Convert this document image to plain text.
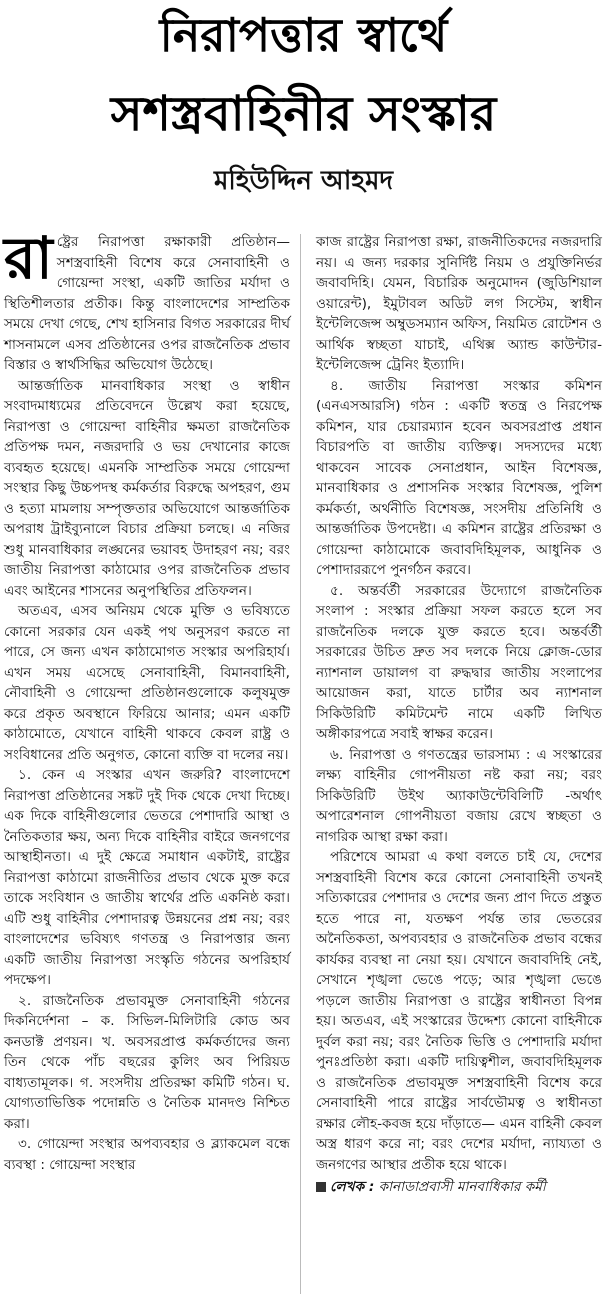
নিরাপত্তার স্বার্থে
সশস্ত্রবাহিনীর সংস্কার
মহিউদ্দিন আহমদ

রাষ্ট্রের নিরাপত্তা রক্ষাকারী প্রতিষ্ঠান—সশস্ত্রবাহিনী বিশেষ করে সেনাবাহিনী ও গোয়েন্দা সংস্থা, একটি জাতির মর্যাদা ও স্থিতিশীলতার প্রতীক। কিন্তু বাংলাদেশের সাম্প্রতিক সময়ে দেখা গেছে, শেখ হাসিনার বিগত সরকারের দীর্ঘ শাসনামলে এসব প্রতিষ্ঠানের ওপর রাজনৈতিক প্রভাব বিস্তার ও স্বার্থসিদ্ধির অভিযোগ উঠেছে।

আন্তর্জাতিক মানবাধিকার সংস্থা ও স্বাধীন সংবাদমাধ্যমের প্রতিবেদনে উল্লেখ করা হয়েছে, নিরাপত্তা ও গোয়েন্দা বাহিনীর ক্ষমতা রাজনৈতিক প্রতিপক্ষ দমন, নজরদারি ও ভয় দেখানোর কাজে ব্যবহৃত হয়েছে। এমনকি সাম্প্রতিক সময়ে গোয়েন্দা সংস্থার কিছু উচ্চপদস্থ কর্মকর্তার বিরুদ্ধে অপহরণ, গুম ও হত্যা মামলায় সম্পৃক্ততার অভিযোগে আন্তর্জাতিক অপরাধ ট্রাইব্যুনালে বিচার প্রক্রিয়া চলছে। এ নজির শুধু মানবাধিকার লঙ্ঘনের ভয়াবহ উদাহরণ নয়; বরং জাতীয় নিরাপত্তা কাঠামোর ওপর রাজনৈতিক প্রভাব এবং আইনের শাসনের অনুপস্থিতির প্রতিফলন।

অতএব, এসব অনিয়ম থেকে মুক্তি ও ভবিষ্যতে কোনো সরকার যেন একই পথ অনুসরণ করতে না পারে, সে জন্য এখন কাঠামোগত সংস্কার অপরিহার্য। এখন সময় এসেছে সেনাবাহিনী, বিমানবাহিনী, নৌবাহিনী ও গোয়েন্দা প্রতিষ্ঠানগুলোকে কলুষমুক্ত করে প্রকৃত অবস্থানে ফিরিয়ে আনার; এমন একটি কাঠামোতে, যেখানে বাহিনী থাকবে কেবল রাষ্ট্র ও সংবিধানের প্রতি অনুগত, কোনো ব্যক্তি বা দলের নয়।

১. কেন এ সংস্কার এখন জরুরি? বাংলাদেশে নিরাপত্তা প্রতিষ্ঠানের সঙ্কট দুই দিক থেকে দেখা দিচ্ছে। এক দিকে বাহিনীগুলোর ভেতরে পেশাদারি আস্থা ও নৈতিকতার ক্ষয়, অন্য দিকে বাহিনীর বাইরে জনগণের আস্থাহীনতা। এ দুই ক্ষেত্রে সমাধান একটাই, রাষ্ট্রের নিরাপত্তা কাঠামো রাজনীতির প্রভাব থেকে মুক্ত করে তাকে সংবিধান ও জাতীয় স্বার্থের প্রতি একনিষ্ঠ করা। এটি শুধু বাহিনীর পেশাদারত্ব উন্নয়নের প্রশ্ন নয়; বরং বাংলাদেশের ভবিষ্যৎ গণতন্ত্র ও নিরাপত্তার জন্য একটি জাতীয় নিরাপত্তা সংস্কৃতি গঠনের অপরিহার্য পদক্ষেপ।

২. রাজনৈতিক প্রভাবমুক্ত সেনাবাহিনী গঠনের দিকনির্দেশনা – ক. সিভিল-মিলিটারি কোড অব কনডাক্ট প্রণয়ন। খ. অবসরপ্রাপ্ত কর্মকর্তাদের জন্য তিন থেকে পাঁচ বছরের কুলিং অব পিরিয়ড বাধ্যতামূলক। গ. সংসদীয় প্রতিরক্ষা কমিটি গঠন। ঘ. যোগ্যতাভিত্তিক পদোন্নতি ও নৈতিক মানদণ্ড নিশ্চিত করা।

৩. গোয়েন্দা সংস্থার অপব্যবহার ও ব্ল্যাকমেল বন্ধে ব্যবস্থা : গোয়েন্দা সংস্থার

কাজ রাষ্ট্রের নিরাপত্তা রক্ষা, রাজনীতিকদের নজরদারি নয়। এ জন্য দরকার সুনির্দিষ্ট নিয়ম ও প্রযুক্তিনির্ভর জবাবদিহি। যেমন, বিচারিক অনুমোদন (জুডিশিয়াল ওয়ারেন্ট), ইমুটাবল অডিট লগ সিস্টেম, স্বাধীন ইন্টেলিজেন্স অম্বুডসম্যান অফিস, নিয়মিত রোটেশন ও আর্থিক স্বচ্ছতা যাচাই, এথিক্স অ্যান্ড কাউন্টার-ইন্টেলিজেন্স ট্রেনিং ইত্যাদি।

৪. জাতীয় নিরাপত্তা সংস্কার কমিশন (এনএসআরসি) গঠন : একটি স্বতন্ত্র ও নিরপেক্ষ কমিশন, যার চেয়ারম্যান হবেন অবসরপ্রাপ্ত প্রধান বিচারপতি বা জাতীয় ব্যক্তিত্ব। সদস্যদের মধ্যে থাকবেন সাবেক সেনাপ্রধান, আইন বিশেষজ্ঞ, মানবাধিকার ও প্রশাসনিক সংস্কার বিশেষজ্ঞ, পুলিশ কর্মকর্তা, অর্থনীতি বিশেষজ্ঞ, সংসদীয় প্রতিনিধি ও আন্তর্জাতিক উপদেষ্টা। এ কমিশন রাষ্ট্রের প্রতিরক্ষা ও গোয়েন্দা কাঠামোকে জবাবদিহিমূলক, আধুনিক ও পেশাদাররূপে পুনর্গঠন করবে।

৫. অন্তর্বর্তী সরকারের উদ্যোগে রাজনৈতিক সংলাপ : সংস্কার প্রক্রিয়া সফল করতে হলে সব রাজনৈতিক দলকে যুক্ত করতে হবে। অন্তর্বর্তী সরকারের উচিত দ্রুত সব দলকে নিয়ে ক্লোজ-ডোর ন্যাশনাল ডায়ালগ বা রুদ্ধদ্বার জাতীয় সংলাপের আয়োজন করা, যাতে চার্টার অব ন্যাশনাল সিকিউরিটি কমিটমেন্ট নামে একটি লিখিত অঙ্গীকারপত্রে সবাই স্বাক্ষর করেন।

৬. নিরাপত্তা ও গণতন্ত্রের ভারসাম্য : এ সংস্কারের লক্ষ্য বাহিনীর গোপনীয়তা নষ্ট করা নয়; বরং সিকিউরিটি উইথ অ্যাকাউন্টেবিলিটি -অর্থাৎ অপারেশনাল গোপনীয়তা বজায় রেখে স্বচ্ছতা ও নাগরিক আস্থা রক্ষা করা।

পরিশেষে আমরা এ কথা বলতে চাই যে, দেশের সশস্ত্রবাহিনী বিশেষ করে কোনো সেনাবাহিনী তখনই সত্যিকারের পেশাদার ও দেশের জন্য প্রাণ দিতে প্রস্তুত হতে পারে না, যতক্ষণ পর্যন্ত তার ভেতরের অনৈতিকতা, অপব্যবহার ও রাজনৈতিক প্রভাব বন্ধের কার্যকর ব্যবস্থা না নেয়া হয়। যেখানে জবাবদিহি নেই, সেখানে শৃঙ্খলা ভেঙে পড়ে; আর শৃঙ্খলা ভেঙে পড়লে জাতীয় নিরাপত্তা ও রাষ্ট্রের স্বাধীনতা বিপন্ন হয়। অতএব, এই সংস্কারের উদ্দেশ্য কোনো বাহিনীকে দুর্বল করা নয়; বরং নৈতিক ভিত্তি ও পেশাদারি মর্যাদা পুনঃপ্রতিষ্ঠা করা। একটি দায়িত্বশীল, জবাবদিহিমূলক ও রাজনৈতিক প্রভাবমুক্ত সশস্ত্রবাহিনী বিশেষ করে সেনাবাহিনী পারে রাষ্ট্রের সার্বভৌমত্ব ও স্বাধীনতা রক্ষার লৌহ-কবজ হয়ে দাঁড়াতে— এমন বাহিনী কেবল অস্ত্র ধারণ করে না; বরং দেশের মর্যাদা, ন্যায্যতা ও জনগণের আস্থার প্রতীক হয়ে থাকে।

লেখক : কানাডাপ্রবাসী মানবাধিকার কর্মী
